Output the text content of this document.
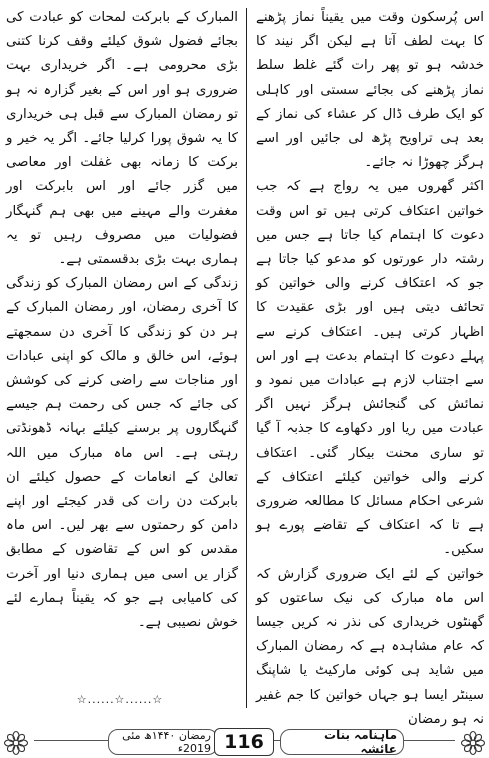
اس پُرسکون وقت میں یقیناً نماز پڑھنے کا بہت لطف آتا ہے لیکن اگر نیند کا خدشہ ہو تو پھر رات گئے غلط سلط نماز پڑھنے کی بجائے سستی اور کاہلی کو ایک طرف ڈال کر عشاء کی نماز کے بعد ہی تراویح پڑھ لی جائیں اور اسے ہرگز چھوڑا نہ جائے۔

اکثر گھروں میں یہ رواج ہے کہ جب خواتین اعتکاف کرتی ہیں تو اس وقت دعوت کا اہتمام کیا جاتا ہے جس میں رشتہ دار عورتوں کو مدعو کیا جاتا ہے جو کہ اعتکاف کرنے والی خواتین کو تحائف دیتی ہیں اور بڑی عقیدت کا اظہار کرتی ہیں۔ اعتکاف کرنے سے پہلے دعوت کا اہتمام بدعت ہے اور اس سے اجتناب لازم ہے عبادات میں نمود و نمائش کی گنجائش ہرگز نہیں اگر عبادت میں ریا اور دکھاوے کا جذبہ آ گیا تو ساری محنت بیکار گئی۔ اعتکاف کرنے والی خواتین کیلئے اعتکاف کے شرعی احکام مسائل کا مطالعہ ضروری ہے تا کہ اعتکاف کے تقاضے پورے ہو سکیں۔

خواتین کے لئے ایک ضروری گزارش کہ اس ماہ مبارک کی نیک ساعتوں کو گھنٹوں خریداری کی نذر نہ کریں جیسا کہ عام مشاہدہ ہے کہ رمضان المبارک میں شاید ہی کوئی مارکیٹ یا شاپنگ سینٹر ایسا ہو جہاں خواتین کا جم غفیر نہ ہو رمضان

المبارک کے بابرکت لمحات کو عبادت کی بجائے فضول شوق کیلئے وقف کرنا کتنی بڑی محرومی ہے۔ اگر خریداری بہت ضروری ہو اور اس کے بغیر گزارہ نہ ہو تو رمضان المبارک سے قبل ہی خریداری کا یہ شوق پورا کرلیا جائے۔ اگر یہ خیر و برکت کا زمانہ بھی غفلت اور معاصی میں گزر جائے اور اس بابرکت اور مغفرت والے مہینے میں بھی ہم گنہگار فضولیات میں مصروف رہیں تو یہ ہماری بہت بڑی بدقسمتی ہے۔

زندگی کے اس رمضان المبارک کو زندگی کا آخری رمضان، اور رمضان المبارک کے ہر دن کو زندگی کا آخری دن سمجھتے ہوئے، اس خالق و مالک کو اپنی عبادات اور مناجات سے راضی کرنے کی کوشش کی جائے کہ جس کی رحمت ہم جیسے گنہگاروں پر برسنے کیلئے بہانہ ڈھونڈتی رہتی ہے۔ اس ماہ مبارک میں اللہ تعالیٰ کے انعامات کے حصول کیلئے ان بابرکت دن رات کی قدر کیجئے اور اپنے دامن کو رحمتوں سے بھر لیں۔ اس ماہ مقدس کو اس کے تقاضوں کے مطابق گزار یں اسی میں ہماری دنیا اور آخرت کی کامیابی ہے جو کہ یقیناً ہمارے لئے خوش نصیبی ہے۔

☆......☆......☆
رمضان ۱۴۴۰ھ مئی 2019ء 116	ماہنامہ بنات عائشہ
